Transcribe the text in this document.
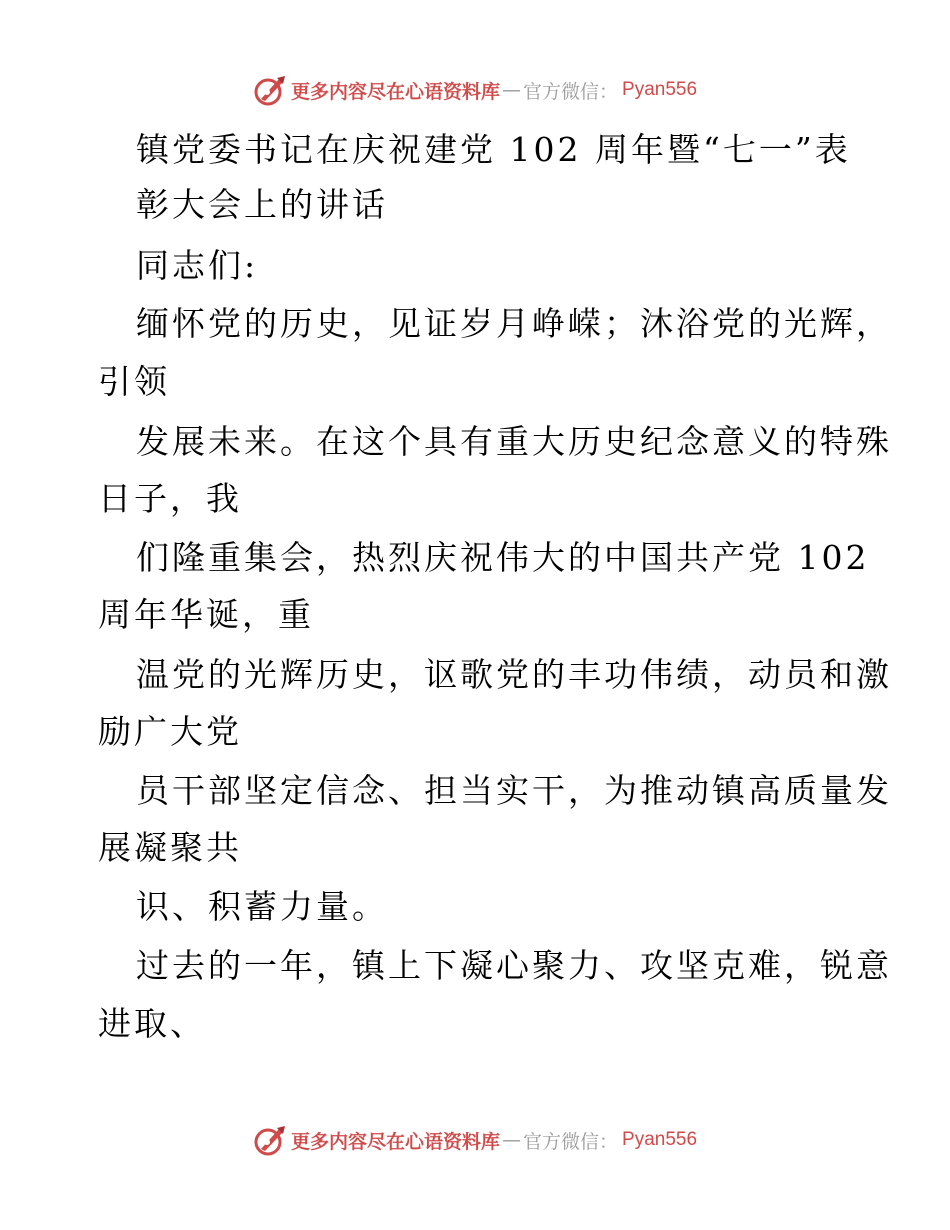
更多内容尽在心语资料库 — 官方微信 ： Pyan556
镇党委书记在庆祝建党 102 周年暨“七一”表
彰大会上的讲话
同志们:
缅怀党的历史，见证岁月峥嵘；沐浴党的光辉，
引领
发展未来。在这个具有重大历史纪念意义的特殊
日子，我
们隆重集会，热烈庆祝伟大的中国共产党 102
周年华诞，重
温党的光辉历史，讴歌党的丰功伟绩，动员和激
励广大党
员干部坚定信念、担当实干，为推动镇高质量发
展凝聚共
识、积蓄力量。
过去的一年，镇上下凝心聚力、攻坚克难，锐意
进取、
更多内容尽在心语资料库 — 官方微信 ： Pyan556
